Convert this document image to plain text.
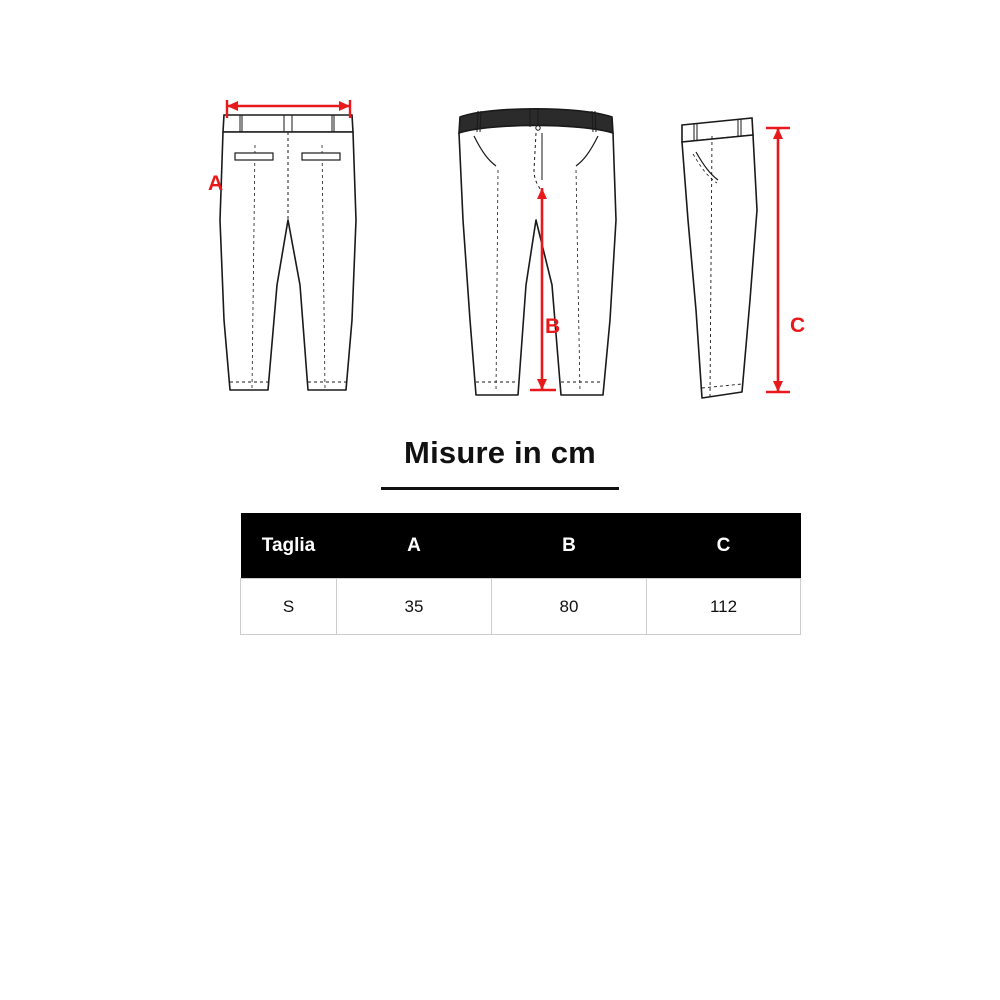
A
B	C
Misure in cm
Taglia	A	B	C
S	35	80	112
